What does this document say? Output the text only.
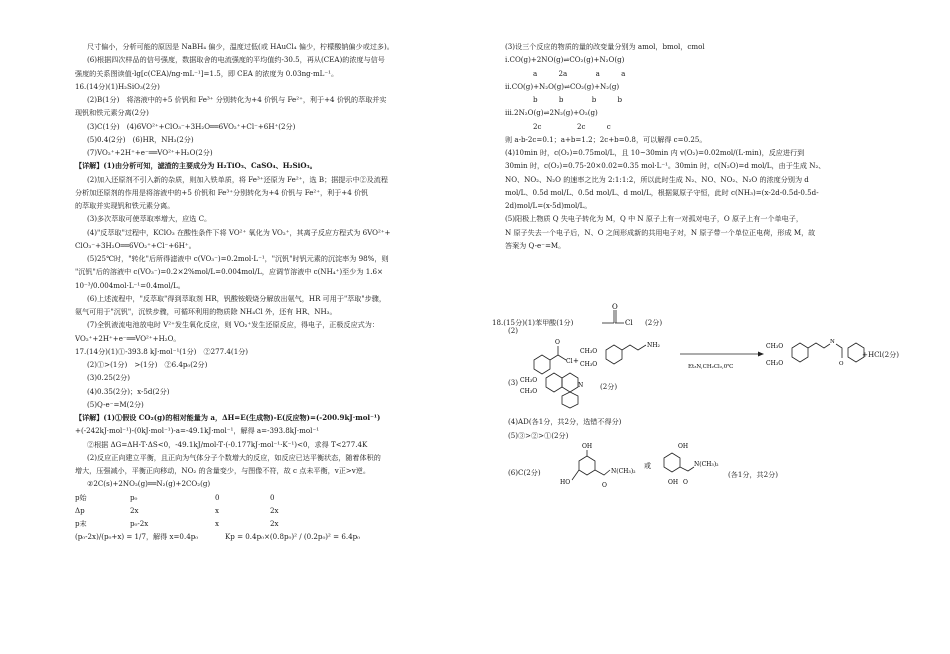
尺寸偏小，分析可能的原因是 NaBH₄ 偏少，温度过低(或 HAuCl₄ 偏少，柠檬酸钠偏少或过多)。
(6)根据四次样品的信号强度，数据取舍的电流强度的平均值约-30.5，再从(CEA)的浓度与信号
强度的关系图读值-lg[c(CEA)/ng·mL⁻¹]=1.5，即 CEA 的浓度为 0.03ng·mL⁻¹。
16.(14分)(1)H₂SiO₃(2分)
(2)B(1分)　将溶液中的+5 价钒和 Fe³⁺ 分别转化为+4 价钒与 Fe²⁺，利于+4 价钒的萃取并实
现钒和铁元素分离(2分)
(3)C(1分)　(4)6VO²⁺+ClO₃⁻+3H₂O══6VO₂⁺+Cl⁻+6H⁺(2分)
(5)0.4(2分)　(6)HR，NH₃(2分)
(7)VO₂⁺+2H⁺+e⁻══VO²⁺+H₂O(2分)
【详解】(1)由分析可知，滤渣的主要成分为 H₂TiO₃、CaSO₄、H₂SiO₃。
(2)加入还原剂不引入新的杂质，则加入铁单质，将 Fe³⁺还原为 Fe²⁺，选 B；据提示中②及流程
分析加还原剂的作用是将溶液中的+5 价钒和 Fe³⁺分别转化为+4 价钒与 Fe²⁺，利于+4 价钒
的萃取并实现钒和铁元素分离。
(3)多次萃取可使萃取率增大，应选 C。
(4)"反萃取"过程中，KClO₃ 在酸性条件下将 VO²⁺ 氧化为 VO₂⁺，其离子反应方程式为 6VO²⁺+
ClO₃⁻+3H₂O══6VO₂⁺+Cl⁻+6H⁺。
(5)25℃时，"转化"后所得滤液中 c(VO₃⁻)=0.2mol·L⁻¹，"沉钒"时钒元素的沉淀率为 98%，则
"沉钒"后的溶液中 c(VO₃⁻)=0.2×2%mol/L=0.004mol/L，应调节溶液中 c(NH₄⁺)至少为 1.6×
10⁻³/0.004mol·L⁻¹=0.4mol/L。
(6)上述流程中，"反萃取"得到萃取剂 HR，钒酸铵煅烧分解放出氨气，HR 可用于"萃取"步骤，
氨气可用于"沉钒"，沉铁步骤，可循环利用的物质除 NH₄Cl 外，还有 HR、NH₃。
(7)全钒液流电池放电时 V²⁺发生氧化反应，则 VO₂⁺发生还原反应，得电子，正极反应式为：
VO₂⁺+2H⁺+e⁻══VO²⁺+H₂O。
17.(14分)(1)①-393.8 kJ·mol⁻¹(1分)　②277.4(1分)
(2)①>(1分)　>(1分)　②6.4p₀(2分)
(3)0.25(2分)
(4)0.35(2分)；x-5d(2分)
(5)Q-e⁻=M(2分)
【详解】(1)①假设 CO₂(g)的相对能量为 a，ΔH=E(生成物)-E(反应物)=(-200.9kJ·mol⁻¹)
+(-242kJ·mol⁻¹)-(0kJ·mol⁻¹)-a=-49.1kJ·mol⁻¹，解得 a=-393.8kJ·mol⁻¹
②根据 ΔG=ΔH-T·ΔS<0，-49.1kJ/mol-T·(-0.177kJ·mol⁻¹·K⁻¹)<0，求得 T<277.4K
(2)反应正向建立平衡，且正向为气体分子个数增大的反应，如反应已达平衡状态，随着体积的
增大，压强减小，平衡正向移动，NO₂ 的含量变少，与图像不符，故 c 点未平衡，v正>v逆。
②2C(s)+2NO₂(g)══N₂(g)+2CO₂(g)
p始	p₀	0	0
Δp	2x	x	2x
p末	p₀-2x	x	2x
(p₀-2x)/(p₀+x) = 1/7，解得 x=0.4p₀	Kp = 0.4p₀×(0.8p₀)² / (0.2p₀)² = 6.4p₀
(3)设三个反应的物质的量的改变量分别为 amol，bmol，cmol
ⅰ.CO(g)+2NO(g)⇌CO₂(g)+N₂O(g)
a　　　2a　　　　a　　　a
ⅱ.CO(g)+N₂O(g)⇌CO₂(g)+N₂(g)
b　　　b　　　　b　　　b
ⅲ.2N₂O(g)⇌2N₂(g)+O₂(g)
2c　　　　　2c　　　c
则 a-b-2c=0.1；a+b=1.2；2c+b=0.8，可以解得 c=0.25。
(4)10min 时，c(O₂)=0.75mol/L，且 10~30min 内 v(O₂)=0.02mol/(L·min)，反应进行到
30min 时，c(O₂)=0.75-20×0.02=0.35 mol·L⁻¹。30min 时，c(N₂O)=d mol/L，由于生成 N₂、
NO、NO₂、N₂O 的速率之比为 2:1:1:2，所以此时生成 N₂、NO、NO₂、N₂O 的浓度分别为 d
mol/L、0.5d mol/L、0.5d mol/L、d mol/L，根据氮原子守恒，此时 c(NH₃)=(x-2d-0.5d-0.5d-
2d)mol/L=(x-5d)mol/L。
(5)阳极上物质 Q 失电子转化为 M，Q 中 N 原子上有一对孤对电子，O 原子上有一个单电子，
N 原子失去一个电子后，N、O 之间形成新的共用电子对，N 原子带一个单位正电荷，形成 M，故
答案为 Q-e⁻=M。
18.(15分)(1)苯甲酸(1分)
O
Cl (2分)
(2)
O
Cl +
CH₃O
CH₃O
NH₂
Et₃N,CH₂Cl₂,0℃
CH₃O
CH₃O
N
O
+HCl(2分)
(3) CH₃O
CH₃O
N (2分)
(4)AD(各1分，共2分，选错不得分)
(5)③>②>①(2分)
(6)C(2分)
OH
HO	O
N(CH₃)₂
或
OH
O
OH
N(CH₃)₂
(各1分，共2分)
